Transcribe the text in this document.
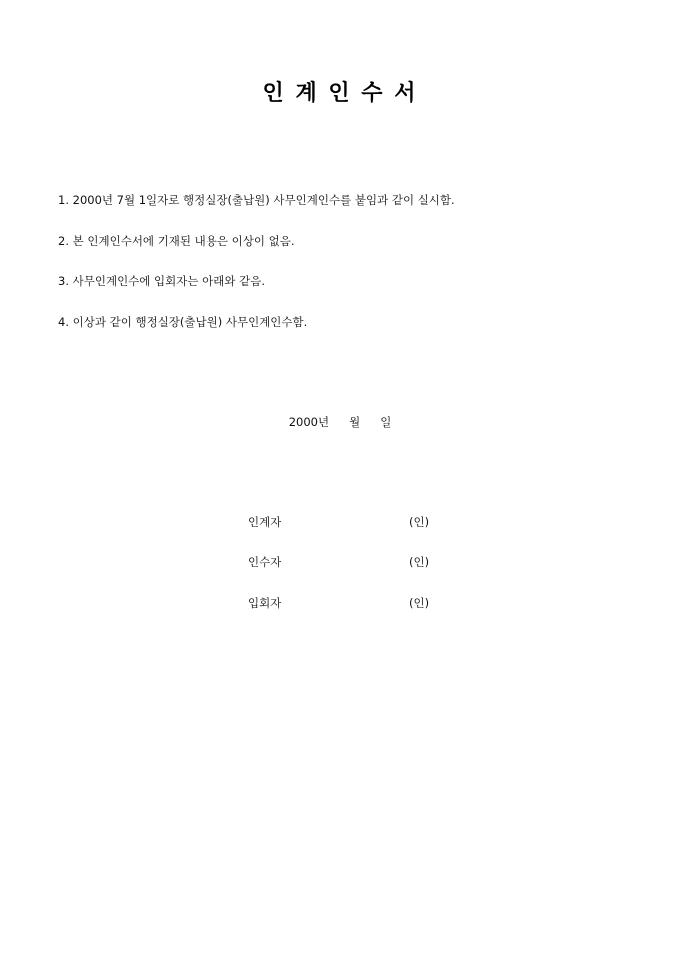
인 계 인 수 서
1. 2000년 7월 1일자로 행정실장(출납원) 사무인계인수를 붙임과 같이 실시함.
2. 본 인계인수서에 기재된 내용은 이상이 없음.
3. 사무인계인수에 입회자는 아래와 같음.
4. 이상과 같이 행정실장(출납원) 사무인계인수함.
2000년 월 일
인계자	(인)
인수자	(인)
입회자	(인)
